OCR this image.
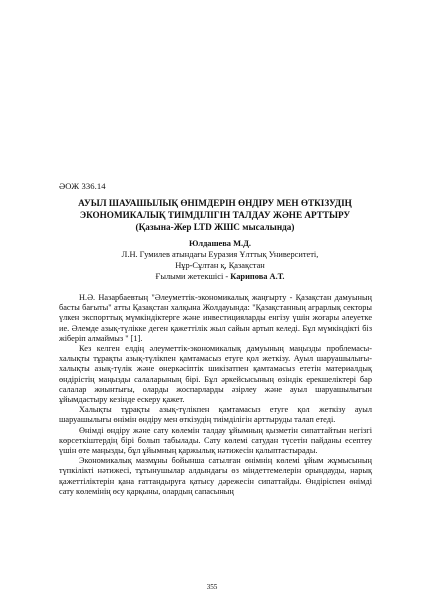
ӘОЖ 336.14
АУЫЛ ШАУАШЫЛЫҚ ӨНІМДЕРІН ӨНДІРУ МЕН ӨТКІЗУДІҢ
ЭКОНОМИКАЛЫҚ ТИІМДІЛІГІН ТАЛДАУ ЖӘНЕ АРТТЫРУ
(Қазына-Жер LTD ЖШС мысалында)
Юлдашева М.Д.
Л.Н. Гумилев атындағы Еуразия Ұлттық Университеті,
Нұр-Сұлтан қ, Қазақстан
Ғылыми жетекшісі - Карипова А.Т.

Н.Ә. Назарбаевтың "Әлеуметтік-экономикалық жаңғырту - Қазақстан дамуының басты бағыты" атты Қазақстан халқына Жолдауында: "Қазақстанның аграрлық секторы үлкен экспорттық мүмкіндіктерге және инвестицияларды енгізу үшін жоғары әлеуетке ие. Әлемде азық-түлікке деген қажеттілік жыл сайын артып келеді. Бұл мүмкіндікті біз жіберіп алмаймыз " [1].

Кез келген елдің әлеуметтік-экономикалық дамуының маңызды проблемасы-халықты тұрақты азық-түлікпен қамтамасыз етуге қол жеткізу. Ауыл шаруашылығы-халықты азық-түлік және өнеркәсіптік шикізатпен қамтамасыз ететін материалдық өндірістің маңызды салаларының бірі. Бұл әркейсысының өзіндік ерекшеліктері бар салалар жиынтығы, оларды жоспарларды әзірлеу және ауыл шаруашылығын ұйымдастыру кезінде ескеру қажет.

Халықты тұрақты азық-түлікпен қамтамасыз етуге қол жеткізу ауыл шаруашылығы өнімін өндіру мен өткізудің тиімділігін арттыруды талап етеді.

Өнімді өндіру және сату көлемін талдау ұйымның қызметін сипаттайтын негізгі көрсеткіштердің бірі болып табылады. Сату көлемі сатудан түсетін пайданы есептеу үшін өте маңызды, бұл ұйымның қаржылық нәтижесін қалыптастырады.

Экономикалық мазмұны бойынша сатылған өнімнің көлемі ұйым жұмысының түпкілікті нәтижесі, тұтынушылар алдындағы өз міндеттемелерін орындауды, нарық қажеттіліктерін қана ғаттандыруға қатысу дәрежесін сипаттайды. Өндіріспен өнімді сату көлемінің өсу қарқыны, олардың сапасының

355
